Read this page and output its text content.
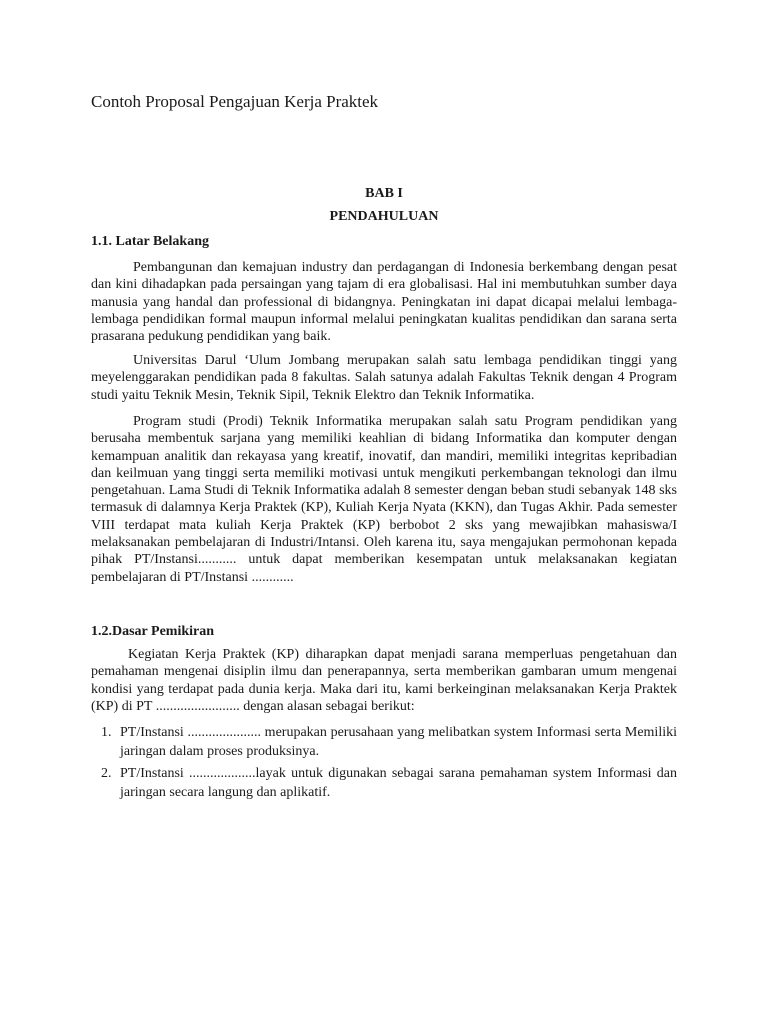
Contoh Proposal Pengajuan Kerja Praktek
BAB I
PENDAHULUAN
1.1. Latar Belakang

Pembangunan dan kemajuan industry dan perdagangan di Indonesia berkembang dengan pesat dan kini dihadapkan pada persaingan yang tajam di era globalisasi. Hal ini membutuhkan sumber daya manusia yang handal dan professional di bidangnya. Peningkatan ini dapat dicapai melalui lembaga-lembaga pendidikan formal maupun informal melalui peningkatan kualitas pendidikan dan sarana serta prasarana pedukung pendidikan yang baik.

Universitas Darul ‘Ulum Jombang merupakan salah satu lembaga pendidikan tinggi yang meyelenggarakan pendidikan pada 8 fakultas. Salah satunya adalah Fakultas Teknik dengan 4 Program studi yaitu Teknik Mesin, Teknik Sipil, Teknik Elektro dan Teknik Informatika.

Program studi (Prodi) Teknik Informatika merupakan salah satu Program pendidikan yang berusaha membentuk sarjana yang memiliki keahlian di bidang Informatika dan komputer dengan kemampuan analitik dan rekayasa yang kreatif, inovatif, dan mandiri, memiliki integritas kepribadian dan keilmuan yang tinggi serta memiliki motivasi untuk mengikuti perkembangan teknologi dan ilmu pengetahuan. Lama Studi di Teknik Informatika adalah 8 semester dengan beban studi sebanyak 148 sks termasuk di dalamnya Kerja Praktek (KP), Kuliah Kerja Nyata (KKN), dan Tugas Akhir. Pada semester VIII terdapat mata kuliah Kerja Praktek (KP) berbobot 2 sks yang mewajibkan mahasiswa/I melaksanakan pembelajaran di Industri/Intansi. Oleh karena itu, saya mengajukan permohonan kepada pihak PT/Instansi........... untuk dapat memberikan kesempatan untuk melaksanakan kegiatan pembelajaran di PT/Instansi ............

1.2.Dasar Pemikiran

Kegiatan Kerja Praktek (KP) diharapkan dapat menjadi sarana memperluas pengetahuan dan pemahaman mengenai disiplin ilmu dan penerapannya, serta memberikan gambaran umum mengenai kondisi yang terdapat pada dunia kerja. Maka dari itu, kami berkeinginan melaksanakan Kerja Praktek (KP) di PT ........................ dengan alasan sebagai berikut:

1. PT/Instansi ..................... merupakan perusahaan yang melibatkan system Informasi serta Memiliki jaringan dalam proses produksinya.
2. PT/Instansi ...................layak untuk digunakan sebagai sarana pemahaman system Informasi dan jaringan secara langung dan aplikatif.
